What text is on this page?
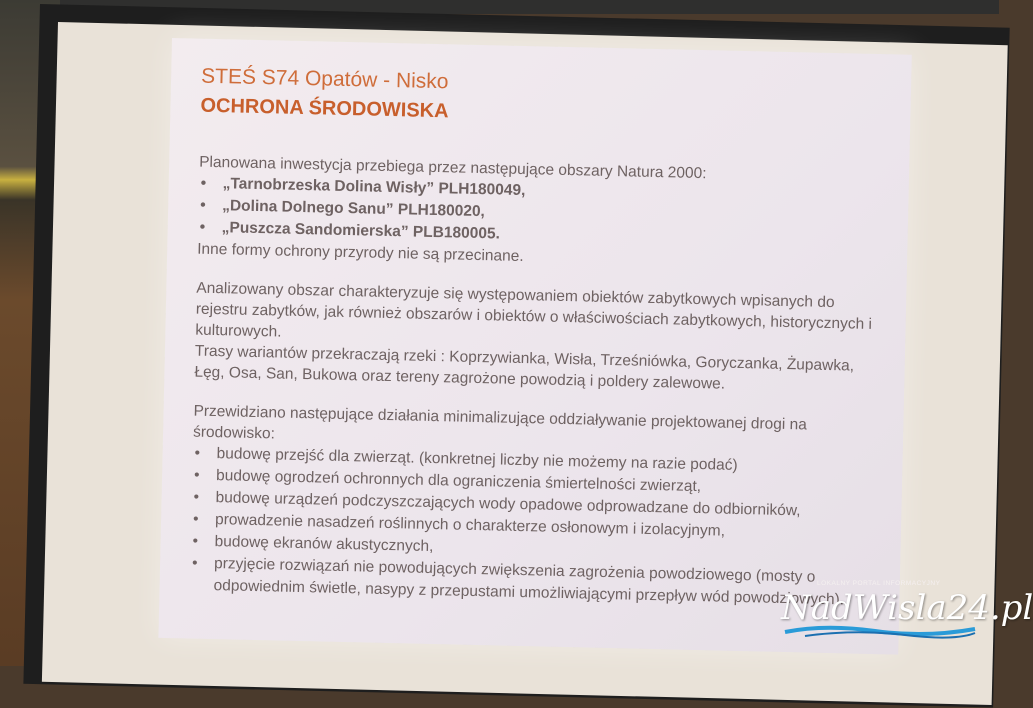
STEŚ S74 Opatów - Nisko
OCHRONA ŚRODOWISKA

Planowana inwestycja przebiega przez następujące obszary Natura 2000:

• „Tarnobrzeska Dolina Wisły” PLH180049,
• „Dolina Dolnego Sanu” PLH180020,
• „Puszcza Sandomierska” PLB180005.

Inne formy ochrony przyrody nie są przecinane.

Analizowany obszar charakteryzuje się występowaniem obiektów zabytkowych wpisanych do rejestru zabytków, jak również obszarów i obiektów o właściwościach zabytkowych, historycznych i kulturowych.

Trasy wariantów przekraczają rzeki : Koprzywianka, Wisła, Trześniówka, Goryczanka, Żupawka, Łęg, Osa, San, Bukowa oraz tereny zagrożone powodzią i poldery zalewowe.

Przewidziano następujące działania minimalizujące oddziaływanie projektowanej drogi na środowisko:

• budowę przejść dla zwierząt. (konkretnej liczby nie możemy na razie podać)
• budowę ogrodzeń ochronnych dla ograniczenia śmiertelności zwierząt,
• budowę urządzeń podczyszczających wody opadowe odprowadzane do odbiorników,
• prowadzenie nasadzeń roślinnych o charakterze osłonowym i izolacyjnym,
• budowę ekranów akustycznych,
• przyjęcie rozwiązań nie powodujących zwiększenia zagrożenia powodziowego (mosty o odpowiednim świetle, nasypy z przepustami umożliwiającymi przepływ wód powodziowych).
LOKALNY PORTAL INFORMACYJNY
NadWisla24.pl
